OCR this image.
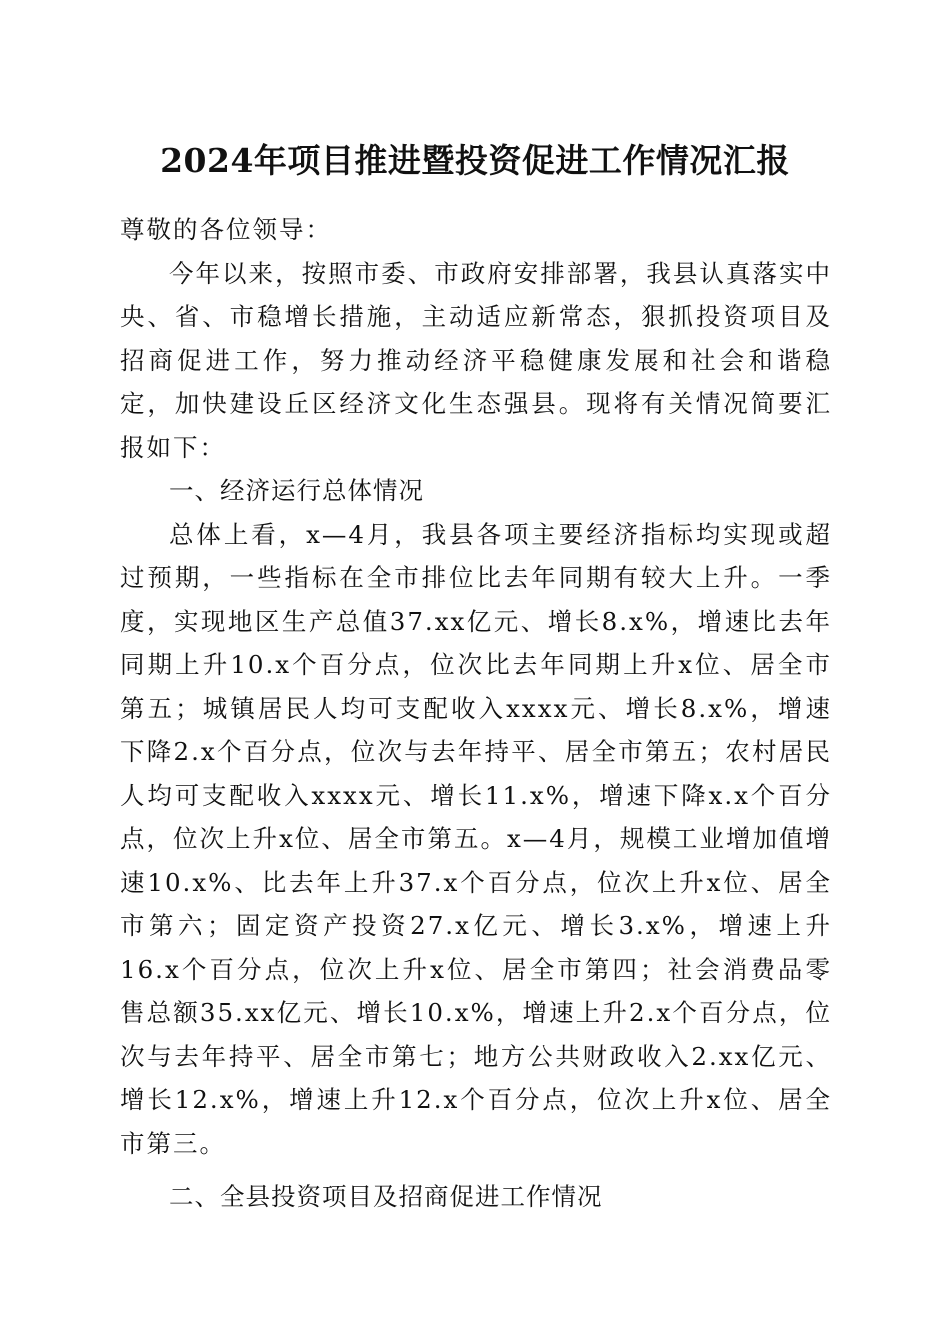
2024年项目推进暨投资促进工作情况汇报

尊敬的各位领导：

今年以来，按照市委、市政府安排部署，我县认真落实中央、省、市稳增长措施，主动适应新常态，狠抓投资项目及招商促进工作，努力推动经济平稳健康发展和社会和谐稳定，加快建设丘区经济文化生态强县。现将有关情况简要汇报如下：

一、经济运行总体情况

总体上看，x—4月，我县各项主要经济指标均实现或超过预期，一些指标在全市排位比去年同期有较大上升。一季度，实现地区生产总值37.xx亿元、增长8.x%，增速比去年同期上升10.x个百分点，位次比去年同期上升x位、居全市第五；城镇居民人均可支配收入xxxx元、增长8.x%，增速下降2.x个百分点，位次与去年持平、居全市第五；农村居民人均可支配收入xxxx元、增长11.x%，增速下降x.x个百分点，位次上升x位、居全市第五。x—4月，规模工业增加值增速10.x%、比去年上升37.x个百分点，位次上升x位、居全市第六；固定资产投资27.x亿元、增长3.x%，增速上升16.x个百分点，位次上升x位、居全市第四；社会消费品零售总额35.xx亿元、增长10.x%，增速上升2.x个百分点，位次与去年持平、居全市第七；地方公共财政收入2.xx亿元、增长12.x%，增速上升12.x个百分点，位次上升x位、居全市第三。

二、全县投资项目及招商促进工作情况
